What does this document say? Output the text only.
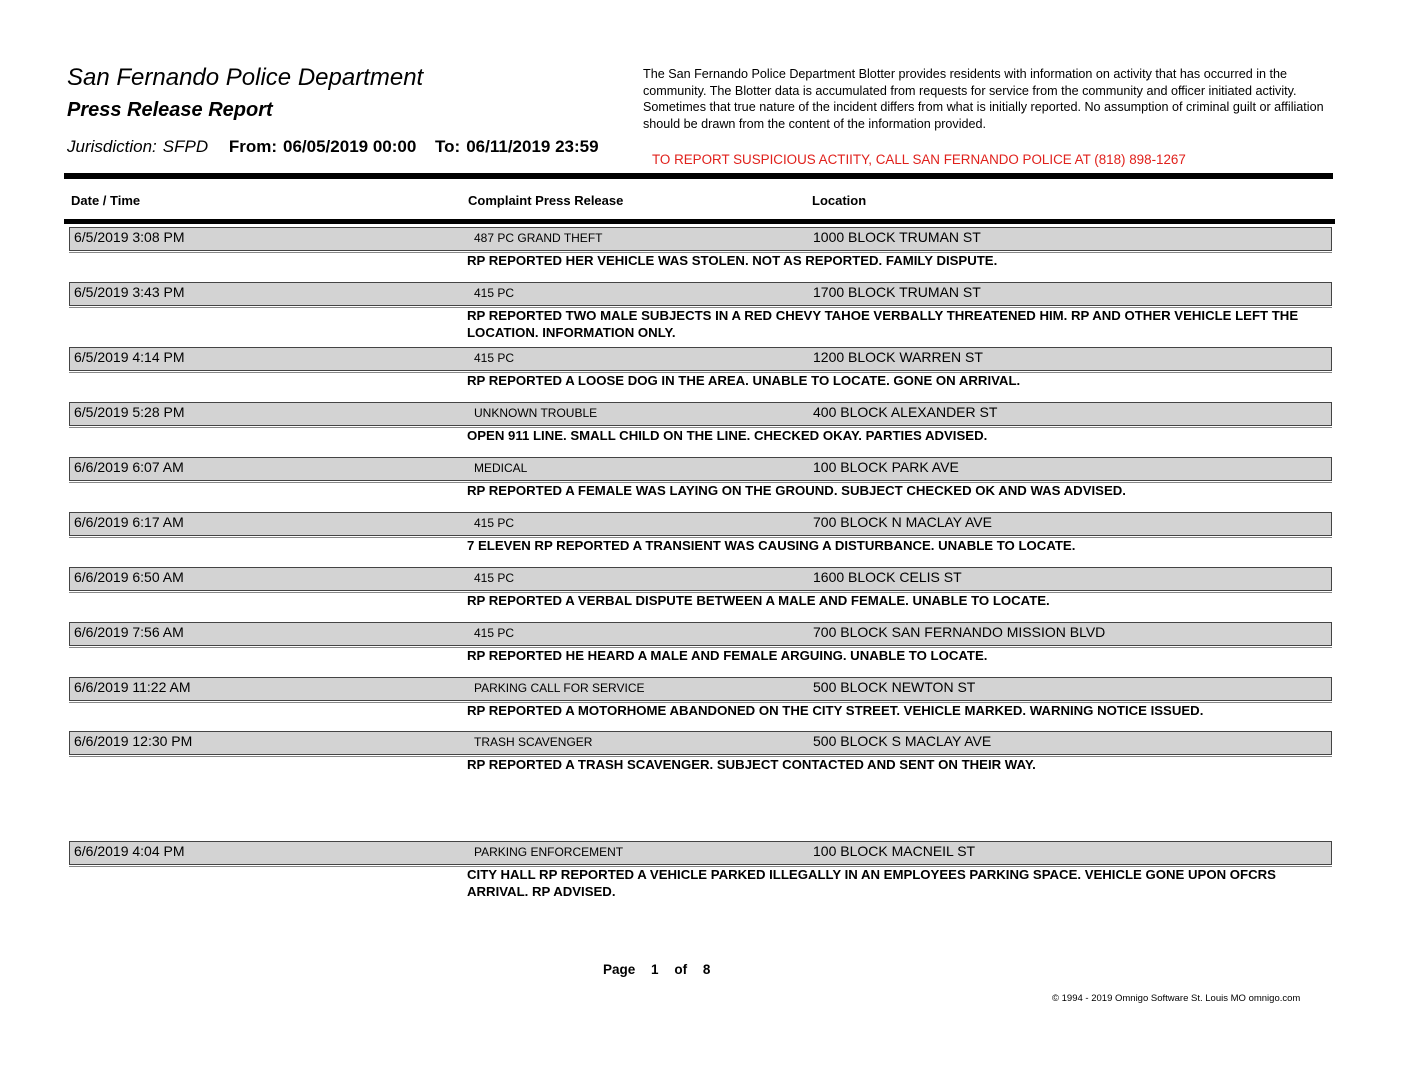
San Fernando Police Department
Press Release Report
Jurisdiction: SFPD From: 06/05/2019 00:00 To: 06/11/2019 23:59
The San Fernando Police Department Blotter provides residents with information on activity that has occurred in the community. The Blotter data is accumulated from requests for service from the community and officer initiated activity. Sometimes that true nature of the incident differs from what is initially reported. No assumption of criminal guilt or affiliation should be drawn from the content of the information provided.
TO REPORT SUSPICIOUS ACTIITY, CALL SAN FERNANDO POLICE AT (818) 898-1267
Date / Time	Complaint Press Release	Location
6/5/2019 3:08 PM	487 PC GRAND THEFT	1000 BLOCK TRUMAN ST
RP REPORTED HER VEHICLE WAS STOLEN. NOT AS REPORTED. FAMILY DISPUTE.
6/5/2019 3:43 PM	415 PC	1700 BLOCK TRUMAN ST
RP REPORTED TWO MALE SUBJECTS IN A RED CHEVY TAHOE VERBALLY THREATENED HIM. RP AND OTHER VEHICLE LEFT THE LOCATION. INFORMATION ONLY.
6/5/2019 4:14 PM	415 PC	1200 BLOCK WARREN ST
RP REPORTED A LOOSE DOG IN THE AREA. UNABLE TO LOCATE. GONE ON ARRIVAL.
6/5/2019 5:28 PM	UNKNOWN TROUBLE	400 BLOCK ALEXANDER ST
OPEN 911 LINE. SMALL CHILD ON THE LINE. CHECKED OKAY. PARTIES ADVISED.
6/6/2019 6:07 AM	MEDICAL	100 BLOCK PARK AVE
RP REPORTED A FEMALE WAS LAYING ON THE GROUND. SUBJECT CHECKED OK AND WAS ADVISED.
6/6/2019 6:17 AM	415 PC	700 BLOCK N MACLAY AVE
7 ELEVEN RP REPORTED A TRANSIENT WAS CAUSING A DISTURBANCE. UNABLE TO LOCATE.
6/6/2019 6:50 AM	415 PC	1600 BLOCK CELIS ST
RP REPORTED A VERBAL DISPUTE BETWEEN A MALE AND FEMALE. UNABLE TO LOCATE.
6/6/2019 7:56 AM	415 PC	700 BLOCK SAN FERNANDO MISSION BLVD
RP REPORTED HE HEARD A MALE AND FEMALE ARGUING. UNABLE TO LOCATE.
6/6/2019 11:22 AM	PARKING CALL FOR SERVICE	500 BLOCK NEWTON ST
RP REPORTED A MOTORHOME ABANDONED ON THE CITY STREET. VEHICLE MARKED. WARNING NOTICE ISSUED.
6/6/2019 12:30 PM	TRASH SCAVENGER	500 BLOCK S MACLAY AVE
RP REPORTED A TRASH SCAVENGER. SUBJECT CONTACTED AND SENT ON THEIR WAY.
6/6/2019 4:04 PM	PARKING ENFORCEMENT	100 BLOCK MACNEIL ST
CITY HALL RP REPORTED A VEHICLE PARKED ILLEGALLY IN AN EMPLOYEES PARKING SPACE. VEHICLE GONE UPON OFCRS ARRIVAL. RP ADVISED.
Page 1 of 8
© 1994 - 2019 Omnigo Software St. Louis MO omnigo.com
